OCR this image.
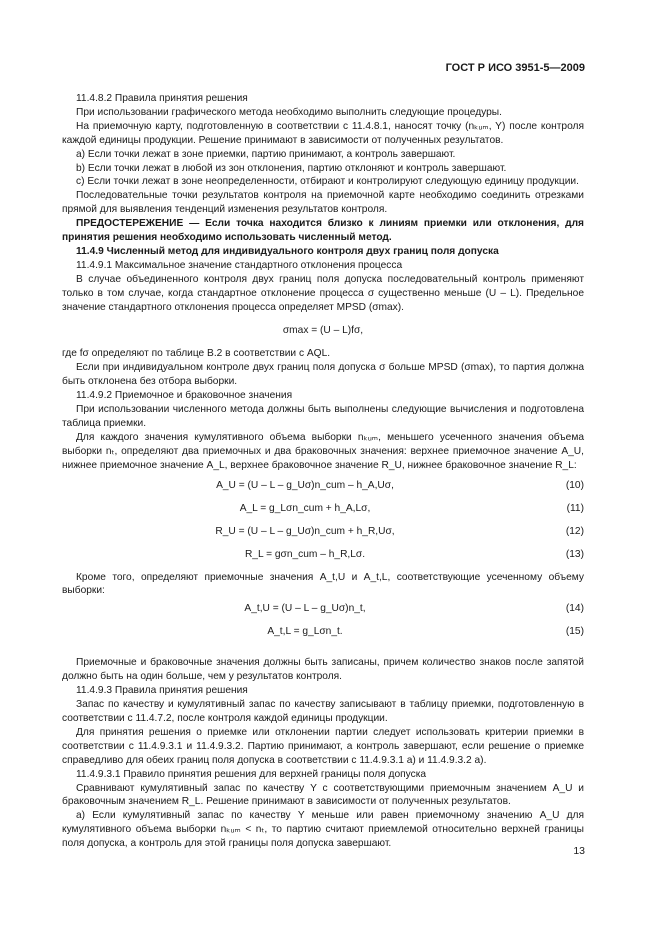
ГОСТ Р ИСО 3951-5—2009

11.4.8.2 Правила принятия решения

При использовании графического метода необходимо выполнить следующие процедуры.

На приемочную карту, подготовленную в соответствии с 11.4.8.1, наносят точку (nₖᵤₘ, Y) после контроля каждой единицы продукции. Решение принимают в зависимости от полученных результатов.

a) Если точки лежат в зоне приемки, партию принимают, а контроль завершают.

b) Если точки лежат в любой из зон отклонения, партию отклоняют и контроль завершают.

c) Если точки лежат в зоне неопределенности, отбирают и контролируют следующую единицу продукции.

Последовательные точки результатов контроля на приемочной карте необходимо соединить отрезками прямой для выявления тенденций изменения результатов контроля.

ПРЕДОСТЕРЕЖЕНИЕ — Если точка находится близко к линиям приемки или отклонения, для принятия решения необходимо использовать численный метод.

11.4.9 Численный метод для индивидуального контроля двух границ поля допуска

11.4.9.1 Максимальное значение стандартного отклонения процесса

В случае объединенного контроля двух границ поля допуска последовательный контроль применяют только в том случае, когда стандартное отклонение процесса σ существенно меньше (U – L). Предельное значение стандартного отклонения процесса определяет MPSD (σmax).

σmax = (U – L)fσ,

где fσ определяют по таблице B.2 в соответствии с AQL.

Если при индивидуальном контроле двух границ поля допуска σ больше MPSD (σmax), то партия должна быть отклонена без отбора выборки.

11.4.9.2 Приемочное и браковочное значения

При использовании численного метода должны быть выполнены следующие вычисления и подготовлена таблица приемки.

Для каждого значения кумулятивного объема выборки nₖᵤₘ, меньшего усеченного значения объема выборки nₜ, определяют два приемочных и два браковочных значения: верхнее приемочное значение A_U, нижнее приемочное значение A_L, верхнее браковочное значение R_U, нижнее браковочное значение R_L:

A_U = (U – L – g_Uσ)n_cum – h_A,Uσ,	(10)
A_L = g_Lσn_cum + h_A,Lσ,	(11)
R_U = (U – L – g_Uσ)n_cum + h_R,Uσ,	(12)
R_L = gσn_cum – h_R,Lσ.	(13)

Кроме того, определяют приемочные значения A_t,U и A_t,L, соответствующие усеченному объему выборки:

A_t,U = (U – L – g_Uσ)n_t,	(14)
A_t,L = g_Lσn_t.	(15)

Приемочные и браковочные значения должны быть записаны, причем количество знаков после запятой должно быть на один больше, чем у результатов контроля.

11.4.9.3 Правила принятия решения

Запас по качеству и кумулятивный запас по качеству записывают в таблицу приемки, подготовленную в соответствии с 11.4.7.2, после контроля каждой единицы продукции.

Для принятия решения о приемке или отклонении партии следует использовать критерии приемки в соответствии с 11.4.9.3.1 и 11.4.9.3.2. Партию принимают, а контроль завершают, если решение о приемке справедливо для обеих границ поля допуска в соответствии с 11.4.9.3.1 а) и 11.4.9.3.2 а).

11.4.9.3.1 Правило принятия решения для верхней границы поля допуска

Сравнивают кумулятивный запас по качеству Y с соответствующими приемочным значением A_U и браковочным значением R_L. Решение принимают в зависимости от полученных результатов.

а) Если кумулятивный запас по качеству Y меньше или равен приемочному значению A_U для кумулятивного объема выборки nₖᵤₘ < nₜ, то партию считают приемлемой относительно верхней границы поля допуска, а контроль для этой границы поля допуска завершают.

13
